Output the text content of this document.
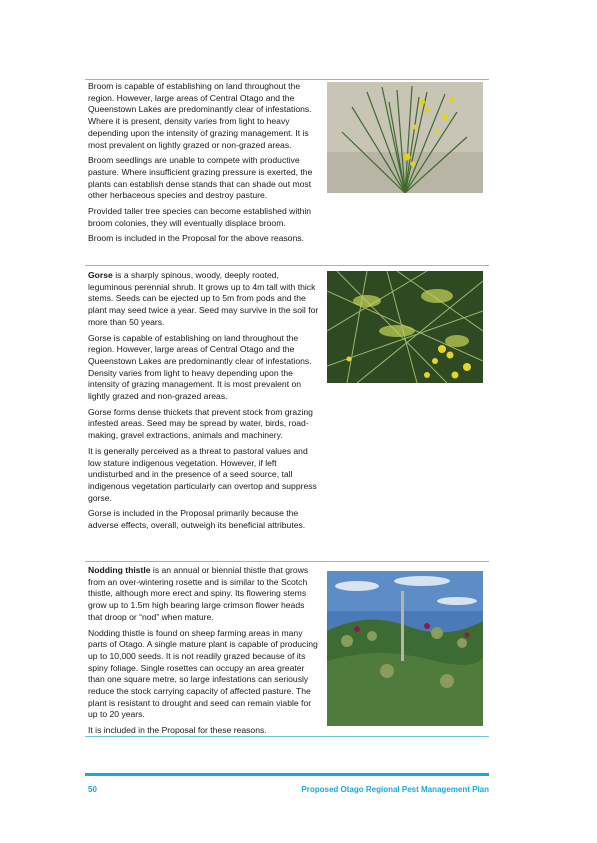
Broom is capable of establishing on land throughout the region. However, large areas of Central Otago and the Queenstown Lakes are predominantly clear of infestations. Where it is present, density varies from light to heavy depending upon the intensity of grazing management. It is most prevalent on lightly grazed or non-grazed areas.

Broom seedlings are unable to compete with productive pasture. Where insufficient grazing pressure is exerted, the plants can establish dense stands that can shade out most other herbaceous species and destroy pasture.

Provided taller tree species can become established within broom colonies, they will eventually displace broom.

Broom is included in the Proposal for the above reasons.

Gorse is a sharply spinous, woody, deeply rooted, leguminous perennial shrub. It grows up to 4m tall with thick stems. Seeds can be ejected up to 5m from pods and the plant may seed twice a year. Seed may survive in the soil for more than 50 years.

Gorse is capable of establishing on land throughout the region. However, large areas of Central Otago and the Queenstown Lakes are predominantly clear of infestations. Density varies from light to heavy depending upon the intensity of grazing management. It is most prevalent on lightly grazed and non-grazed areas.

Gorse forms dense thickets that prevent stock from grazing infested areas. Seed may be spread by water, birds, road-making, gravel extractions, animals and machinery.

It is generally perceived as a threat to pastoral values and low stature indigenous vegetation. However, if left undisturbed and in the presence of a seed source, tall indigenous vegetation particularly can overtop and suppress gorse.

Gorse is included in the Proposal primarily because the adverse effects, overall, outweigh its beneficial attributes.

Nodding thistle is an annual or biennial thistle that grows from an over-wintering rosette and is similar to the Scotch thistle, although more erect and spiny. Its flowering stems grow up to 1.5m high bearing large crimson flower heads that droop or “nod” when mature.

Nodding thistle is found on sheep farming areas in many parts of Otago. A single mature plant is capable of producing up to 10,000 seeds. It is not readily grazed because of its spiny foliage. Single rosettes can occupy an area greater than one square metre, so large infestations can seriously reduce the stock carrying capacity of affected pasture. The plant is resistant to drought and seed can remain viable for up to 20 years.

It is included in the Proposal for these reasons.

50	Proposed Otago Regional Pest Management Plan
